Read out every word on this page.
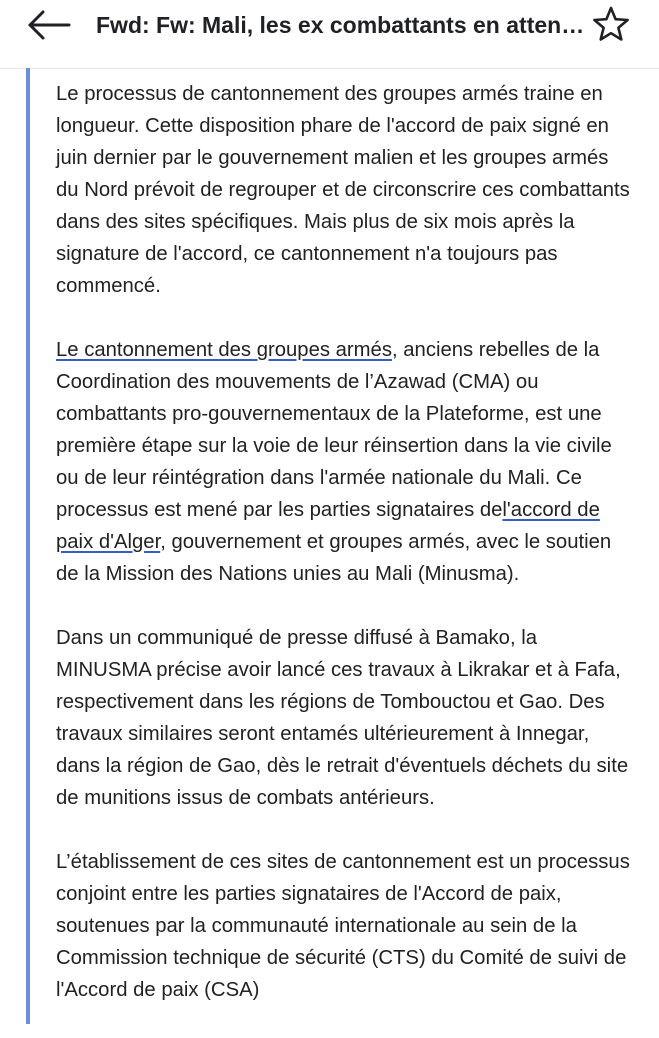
Fwd: Fw: Mali, les ex combattants en atten…

Le processus de cantonnement des groupes armés traine en longueur. Cette disposition phare de l'accord de paix signé en juin dernier par le gouvernement malien et les groupes armés du Nord prévoit de regrouper et de circonscrire ces combattants dans des sites spécifiques. Mais plus de six mois après la signature de l'accord, ce cantonnement n'a toujours pas commencé.

Le cantonnement des groupes armés, anciens rebelles de la Coordination des mouvements de l’Azawad (CMA) ou combattants pro-gouvernementaux de la Plateforme, est une première étape sur la voie de leur réinsertion dans la vie civile ou de leur réintégration dans l'armée nationale du Mali. Ce processus est mené par les parties signataires del'accord de paix d'Alger, gouvernement et groupes armés, avec le soutien de la Mission des Nations unies au Mali (Minusma).

Dans un communiqué de presse diffusé à Bamako, la MINUSMA précise avoir lancé ces travaux à Likrakar et à Fafa, respectivement dans les régions de Tombouctou et Gao. Des travaux similaires seront entamés ultérieurement à Innegar, dans la région de Gao, dès le retrait d'éventuels déchets du site de munitions issus de combats antérieurs.

L’établissement de ces sites de cantonnement est un processus conjoint entre les parties signataires de l'Accord de paix, soutenues par la communauté internationale au sein de la Commission technique de sécurité (CTS) du Comité de suivi de l'Accord de paix (CSA)
